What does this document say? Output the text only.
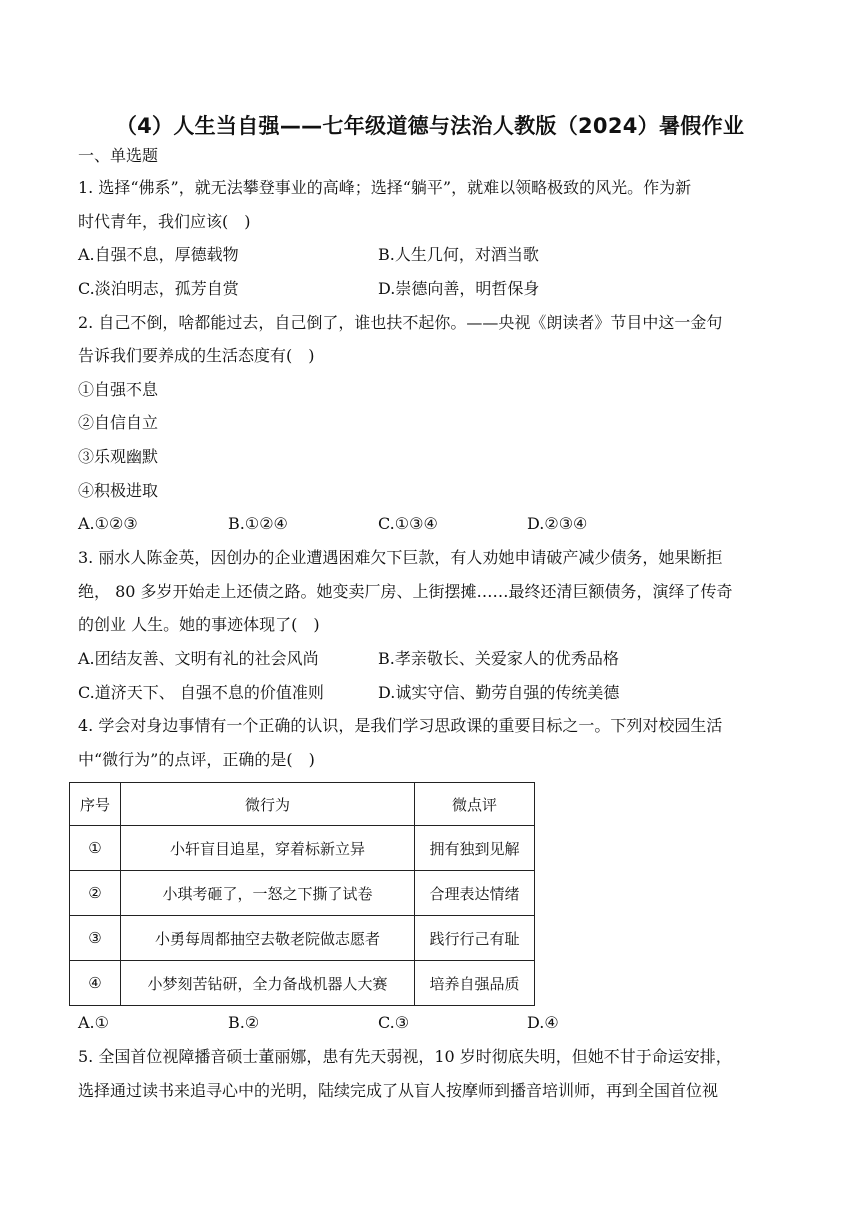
（4）人生当自强——七年级道德与法治人教版（2024）暑假作业
一、单选题
1. 选择“佛系”，就无法攀登事业的高峰；选择“躺平”，就难以领略极致的风光。作为新
时代青年，我们应该(　)
A.自强不息，厚德载物	B.人生几何，对酒当歌
C.淡泊明志，孤芳自赏	D.崇德向善，明哲保身
2. 自己不倒，啥都能过去，自己倒了，谁也扶不起你。——央视《朗读者》节目中这一金句
告诉我们要养成的生活态度有(　)
①自强不息
②自信自立
③乐观幽默
④积极进取
A.①②③	B.①②④	C.①③④	D.②③④
3. 丽水人陈金英，因创办的企业遭遇困难欠下巨款，有人劝她申请破产减少债务，她果断拒
绝， 80 多岁开始走上还债之路。她变卖厂房、上街摆摊……最终还清巨额债务，演绎了传奇
的创业 人生。她的事迹体现了(　)
A.团结友善、文明有礼的社会风尚	B.孝亲敬长、关爱家人的优秀品格
C.道济天下、 自强不息的价值准则	D.诚实守信、勤劳自强的传统美德
4. 学会对身边事情有一个正确的认识，是我们学习思政课的重要目标之一。下列对校园生活
中“微行为”的点评，正确的是(　)
序号	微行为	微点评
①	小轩盲目追星，穿着标新立异	拥有独到见解
②	小琪考砸了，一怒之下撕了试卷	合理表达情绪
③	小勇每周都抽空去敬老院做志愿者	践行行己有耻
④	小梦刻苦钻研，全力备战机器人大赛	培养自强品质
A.①	B.②	C.③	D.④
5. 全国首位视障播音硕士董丽娜，患有先天弱视，10 岁时彻底失明，但她不甘于命运安排，
选择通过读书来追寻心中的光明，陆续完成了从盲人按摩师到播音培训师，再到全国首位视
